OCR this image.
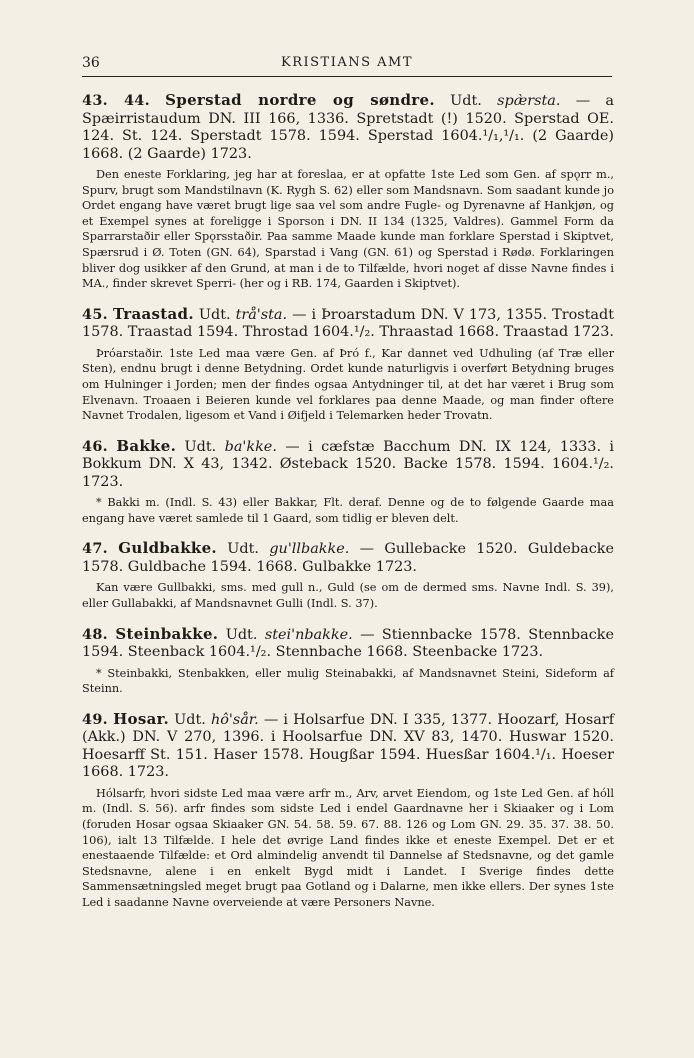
36	KRISTIANS AMT

43. 44. Sperstad nordre og søndre. Udt. spæ̀rsta. — a Spæirristaudum DN. III 166, 1336. Spretstadt (!) 1520. Sperstad OE. 124. St. 124. Sperstadt 1578. 1594. Sperstad 1604.¹/₁,¹/₁. (2 Gaarde) 1668. (2 Gaarde) 1723.

Den eneste Forklaring, jeg har at foreslaa, er at opfatte 1ste Led som Gen. af spǫrr m., Spurv, brugt som Mandstilnavn (K. Rygh S. 62) eller som Mandsnavn. Som saadant kunde jo Ordet engang have været brugt lige saa vel som andre Fugle- og Dyrenavne af Hankjøn, og et Exempel synes at foreligge i Sporson i DN. II 134 (1325, Valdres). Gammel Form da Sparrarstaðir eller Spǫrsstaðir. Paa samme Maade kunde man forklare Sperstad i Skiptvet, Spærsrud i Ø. Toten (GN. 64), Sparstad i Vang (GN. 61) og Sperstad i Rødø. Forklaringen bliver dog usikker af den Grund, at man i de to Tilfælde, hvori noget af disse Navne findes i MA., finder skrevet Sperri- (her og i RB. 174, Gaarden i Skiptvet).

45. Traastad. Udt. trå'sta. — i Þroarstadum DN. V 173, 1355. Trostadt 1578. Traastad 1594. Throstad 1604.¹/₂. Thraastad 1668. Traastad 1723.

Þróarstaðir. 1ste Led maa være Gen. af Þró f., Kar dannet ved Udhuling (af Træ eller Sten), endnu brugt i denne Betydning. Ordet kunde naturligvis i overført Betydning bruges om Hulninger i Jorden; men der findes ogsaa Antydninger til, at det har været i Brug som Elvenavn. Troaaen i Beieren kunde vel forklares paa denne Maade, og man finder oftere Navnet Trodalen, ligesom et Vand i Øifjeld i Telemarken heder Trovatn.

46. Bakke. Udt. ba'kke. — i cæfstæ Bacchum DN. IX 124, 1333. i Bokkum DN. X 43, 1342. Østeback 1520. Backe 1578. 1594. 1604.¹/₂. 1723.

* Bakki m. (Indl. S. 43) eller Bakkar, Flt. deraf. Denne og de to følgende Gaarde maa engang have været samlede til 1 Gaard, som tidlig er bleven delt.

47. Guldbakke. Udt. gu'llbakke. — Gullebacke 1520. Guldebacke 1578. Guldbache 1594. 1668. Gulbakke 1723.

Kan være Gullbakki, sms. med gull n., Guld (se om de dermed sms. Navne Indl. S. 39), eller Gullabakki, af Mandsnavnet Gulli (Indl. S. 37).

48. Steinbakke. Udt. stei'nbakke. — Stiennbacke 1578. Stennbacke 1594. Steenback 1604.¹/₂. Stennbache 1668. Steenbacke 1723.

* Steinbakki, Stenbakken, eller mulig Steinabakki, af Mandsnavnet Steini, Sideform af Steinn.

49. Hosar. Udt. hô'sår. — i Holsarfue DN. I 335, 1377. Hoozarf, Hosarf (Akk.) DN. V 270, 1396. i Hoolsarfue DN. XV 83, 1470. Huswar 1520. Hoesarff St. 151. Haser 1578. Hougßar 1594. Huesßar 1604.¹/₁. Hoeser 1668. 1723.

Hólsarfr, hvori sidste Led maa være arfr m., Arv, arvet Eiendom, og 1ste Led Gen. af hóll m. (Indl. S. 56). arfr findes som sidste Led i endel Gaardnavne her i Skiaaker og i Lom (foruden Hosar ogsaa Skiaaker GN. 54. 58. 59. 67. 88. 126 og Lom GN. 29. 35. 37. 38. 50. 106), ialt 13 Tilfælde. I hele det øvrige Land findes ikke et eneste Exempel. Det er et enestaaende Tilfælde: et Ord almindelig anvendt til Dannelse af Stedsnavne, og det gamle Stedsnavne, alene i en enkelt Bygd midt i Landet. I Sverige findes dette Sammensætningsled meget brugt paa Gotland og i Dalarne, men ikke ellers. Der synes 1ste Led i saadanne Navne overveiende at være Personers Navne.
